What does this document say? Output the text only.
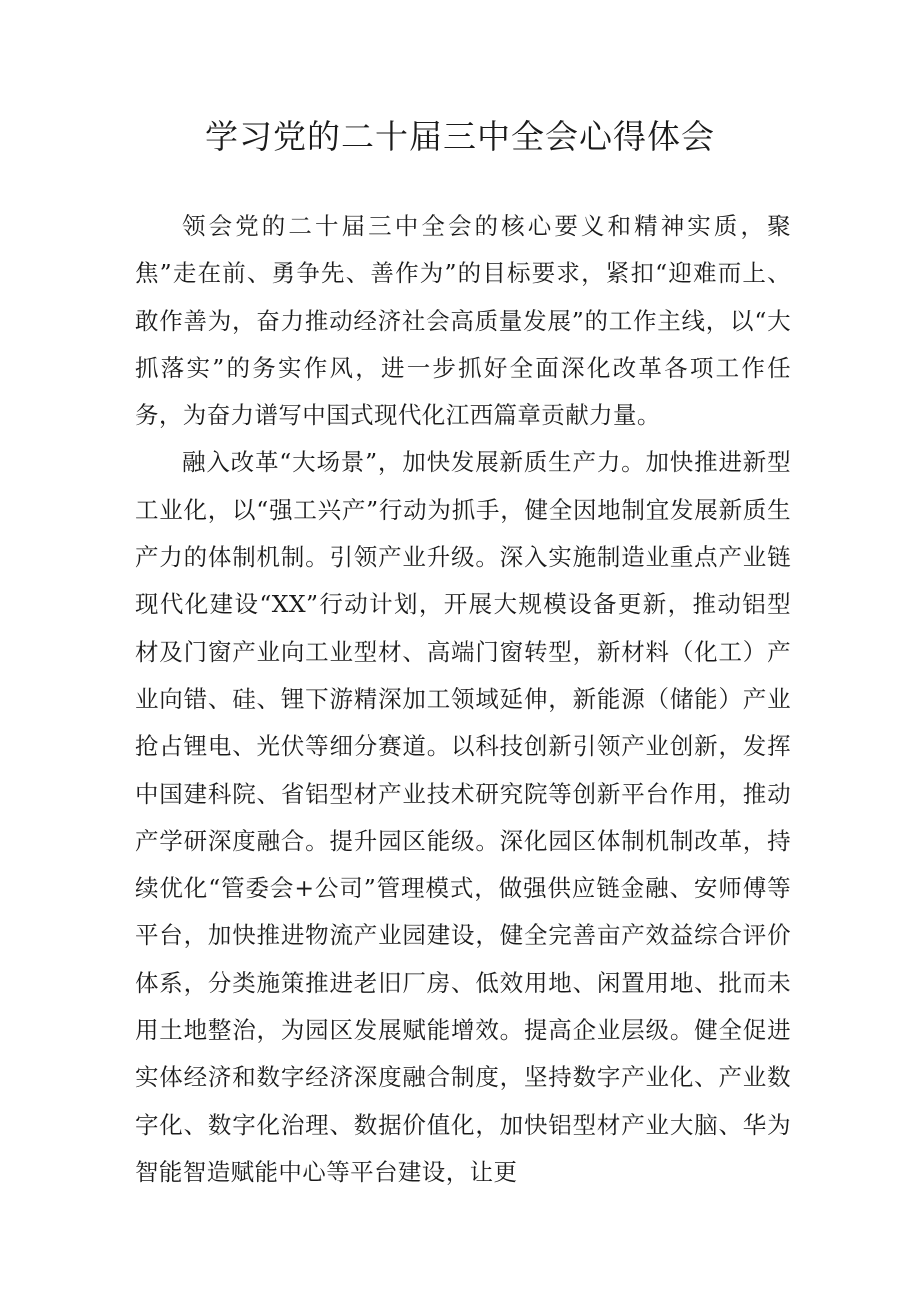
学习党的二十届三中全会心得体会

领会党的二十届三中全会的核心要义和精神实质，聚焦”走在前、勇争先、善作为”的目标要求，紧扣“迎难而上、敢作善为，奋力推动经济社会高质量发展”的工作主线，以“大抓落实”的务实作风，进一步抓好全面深化改革各项工作任务，为奋力谱写中国式现代化江西篇章贡献力量。

融入改革“大场景”，加快发展新质生产力。加快推进新型工业化，以“强工兴产”行动为抓手，健全因地制宜发展新质生产力的体制机制。引领产业升级。深入实施制造业重点产业链现代化建设“XX”行动计划，开展大规模设备更新，推动铝型材及门窗产业向工业型材、高端门窗转型，新材料（化工）产业向错、硅、锂下游精深加工领域延伸，新能源（储能）产业抢占锂电、光伏等细分赛道。以科技创新引领产业创新，发挥中国建科院、省铝型材产业技术研究院等创新平台作用，推动产学研深度融合。提升园区能级。深化园区体制机制改革，持续优化“管委会+公司”管理模式，做强供应链金融、安师傅等平台，加快推进物流产业园建设，健全完善亩产效益综合评价体系，分类施策推进老旧厂房、低效用地、闲置用地、批而未用土地整治，为园区发展赋能增效。提高企业层级。健全促进实体经济和数字经济深度融合制度，坚持数字产业化、产业数字化、数字化治理、数据价值化，加快铝型材产业大脑、华为智能智造赋能中心等平台建设，让更
